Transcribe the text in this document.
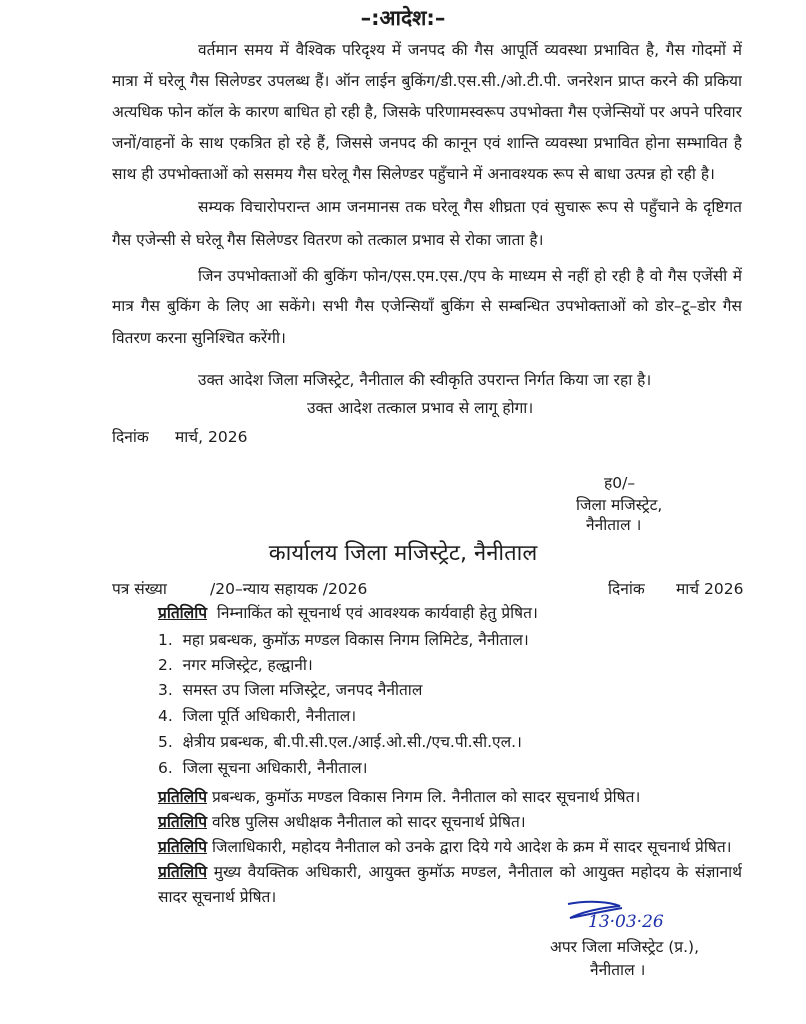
–:आदेश:–
वर्तमान समय में वैश्विक परिदृश्य में जनपद की गैस आपूर्ति व्यवस्था प्रभावित है, गैस गोदमों में
मात्रा में घरेलू गैस सिलेण्डर उपलब्ध हैं। ऑन लाईन बुकिंग/डी.एस.सी./ओ.टी.पी. जनरेशन प्राप्त करने की प्रकिया
अत्यधिक फोन कॉल के कारण बाधित हो रही है, जिसके परिणामस्वरूप उपभोक्ता गैस एजेन्सियों पर अपने परिवार
जनों/वाहनों के साथ एकत्रित हो रहे हैं, जिससे जनपद की कानून एवं शान्ति व्यवस्था प्रभावित होना सम्भावित है
साथ ही उपभोक्ताओं को ससमय गैस घरेलू गैस सिलेण्डर पहुँचाने में अनावश्यक रूप से बाधा उत्पन्न हो रही है।
सम्यक विचारोपरान्त आम जनमानस तक घरेलू गैस शीघ्रता एवं सुचारू रूप से पहुँचाने के दृष्टिगत
गैस एजेन्सी से घरेलू गैस सिलेण्डर वितरण को तत्काल प्रभाव से रोका जाता है।
जिन उपभोक्ताओं की बुकिंग फोन/एस.एम.एस./एप के माध्यम से नहीं हो रही है वो गैस एजेंसी में
मात्र गैस बुकिंग के लिए आ सकेंगे। सभी गैस एजेन्सियाँ बुकिंग से सम्बन्धित उपभोक्ताओं को डोर–टू–डोर गैस
वितरण करना सुनिश्चित करेंगी।
उक्त आदेश जिला मजिस्ट्रेट, नैनीताल की स्वीकृति उपरान्त निर्गत किया जा रहा है।
उक्त आदेश तत्काल प्रभाव से लागू होगा।
दिनांक मार्च, 2026
ह0/–
जिला मजिस्ट्रेट,
नैनीताल ।
कार्यालय जिला मजिस्ट्रेट, नैनीताल
पत्र संख्या	/20–न्याय सहायक /2026	दिनांक मार्च 2026
प्रतिलिपि निम्नाकिंत को सूचनार्थ एवं आवश्यक कार्यवाही हेतु प्रेषित।
1. महा प्रबन्धक, कुमॉऊ मण्डल विकास निगम लिमिटेड, नैनीताल।
2. नगर मजिस्ट्रेट, हल्द्वानी।
3. समस्त उप जिला मजिस्ट्रेट, जनपद नैनीताल
4. जिला पूर्ति अधिकारी, नैनीताल।
5. क्षेत्रीय प्रबन्धक, बी.पी.सी.एल./आई.ओ.सी./एच.पी.सी.एल.।
6. जिला सूचना अधिकारी, नैनीताल।
प्रतिलिपि प्रबन्धक, कुमॉऊ मण्डल विकास निगम लि. नैनीताल को सादर सूचनार्थ प्रेषित।
प्रतिलिपि वरिष्ठ पुलिस अधीक्षक नैनीताल को सादर सूचनार्थ प्रेषित।
प्रतिलिपि जिलाधिकारी, महोदय नैनीताल को उनके द्वारा दिये गये आदेश के क्रम में सादर सूचनार्थ प्रेषित।
प्रतिलिपि मुख्य वैयक्तिक अधिकारी, आयुक्त कुमॉऊ मण्डल, नैनीताल को आयुक्त महोदय के संज्ञानार्थ
सादर सूचनार्थ प्रेषित।
13·03·26
अपर जिला मजिस्ट्रेट (प्र.),
नैनीताल ।
